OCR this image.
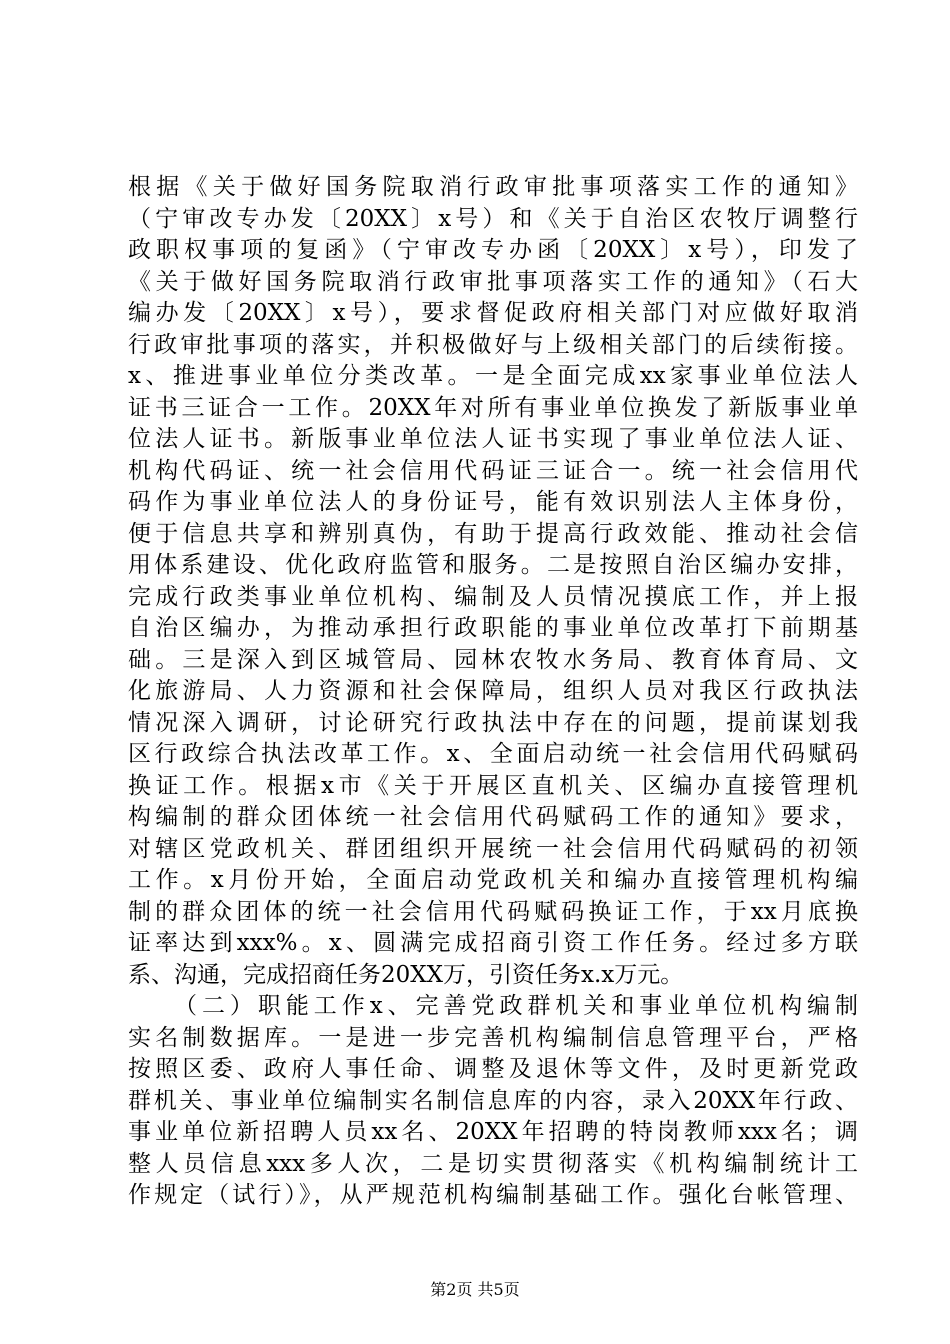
根据《关于做好国务院取消行政审批事项落实工作的通知》
（宁审改专办发〔20XX〕x号）和《关于自治区农牧厅调整行
政职权事项的复函》（宁审改专办函〔20XX〕x号），印发了
《关于做好国务院取消行政审批事项落实工作的通知》（石大
编办发〔20XX〕x号），要求督促政府相关部门对应做好取消
行政审批事项的落实，并积极做好与上级相关部门的后续衔接。
x、推进事业单位分类改革。一是全面完成xx家事业单位法人
证书三证合一工作。20XX年对所有事业单位换发了新版事业单
位法人证书。新版事业单位法人证书实现了事业单位法人证、
机构代码证、统一社会信用代码证三证合一。统一社会信用代
码作为事业单位法人的身份证号，能有效识别法人主体身份，
便于信息共享和辨别真伪，有助于提高行政效能、推动社会信
用体系建设、优化政府监管和服务。二是按照自治区编办安排，
完成行政类事业单位机构、编制及人员情况摸底工作，并上报
自治区编办，为推动承担行政职能的事业单位改革打下前期基
础。三是深入到区城管局、园林农牧水务局、教育体育局、文
化旅游局、人力资源和社会保障局，组织人员对我区行政执法
情况深入调研，讨论研究行政执法中存在的问题，提前谋划我
区行政综合执法改革工作。x、全面启动统一社会信用代码赋码
换证工作。根据x市《关于开展区直机关、区编办直接管理机
构编制的群众团体统一社会信用代码赋码工作的通知》要求，
对辖区党政机关、群团组织开展统一社会信用代码赋码的初领
工作。x月份开始，全面启动党政机关和编办直接管理机构编
制的群众团体的统一社会信用代码赋码换证工作，于xx月底换
证率达到xxx%。x、圆满完成招商引资工作任务。经过多方联
系、沟通，完成招商任务20XX万，引资任务x.x万元。
（二）职能工作x、完善党政群机关和事业单位机构编制
实名制数据库。一是进一步完善机构编制信息管理平台，严格
按照区委、政府人事任命、调整及退休等文件，及时更新党政
群机关、事业单位编制实名制信息库的内容，录入20XX年行政、
事业单位新招聘人员xx名、20XX年招聘的特岗教师xxx名；调
整人员信息xxx多人次，二是切实贯彻落实《机构编制统计工
作规定（试行）》，从严规范机构编制基础工作。强化台帐管理、
第2页 共5页
